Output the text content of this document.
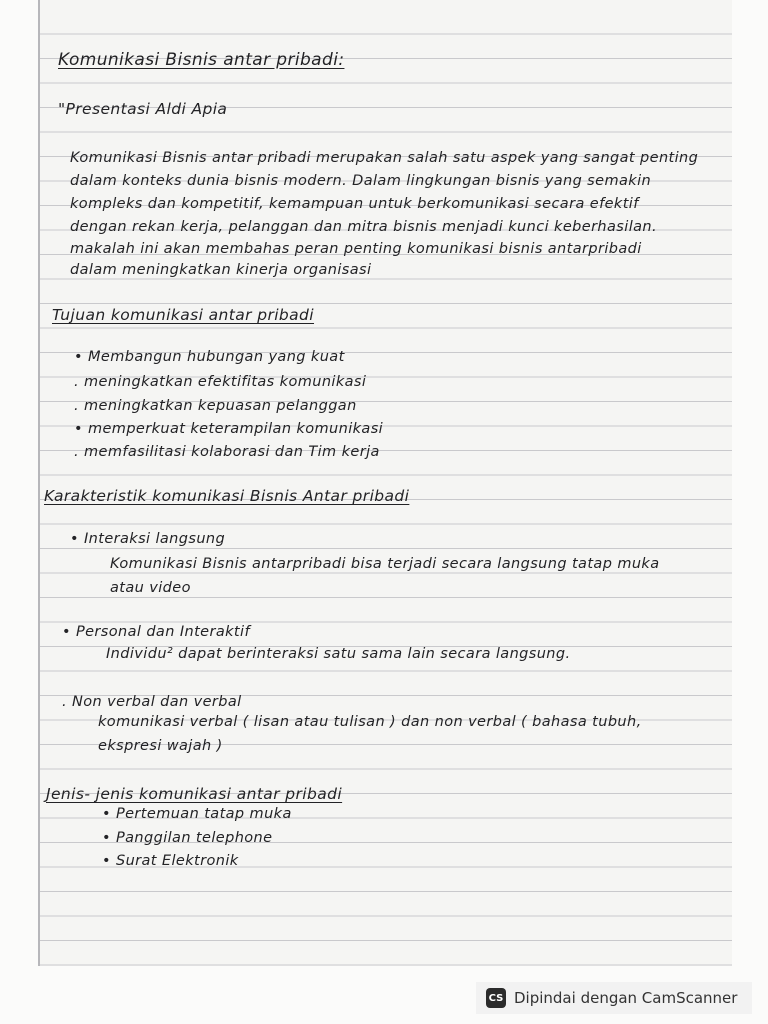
Komunikasi Bisnis antar pribadi:
"Presentasi Aldi Apia
Komunikasi Bisnis antar pribadi merupakan salah satu aspek yang sangat penting
dalam konteks dunia bisnis modern. Dalam lingkungan bisnis yang semakin
kompleks dan kompetitif, kemampuan untuk berkomunikasi secara efektif
dengan rekan kerja, pelanggan dan mitra bisnis menjadi kunci keberhasilan.
makalah ini akan membahas peran penting komunikasi bisnis antarpribadi
dalam meningkatkan kinerja organisasi
Tujuan komunikasi antar pribadi
• Membangun hubungan yang kuat
. meningkatkan efektifitas komunikasi
. meningkatkan kepuasan pelanggan
• memperkuat keterampilan komunikasi
. memfasilitasi kolaborasi dan Tim kerja
Karakteristik komunikasi Bisnis Antar pribadi
• Interaksi langsung
Komunikasi Bisnis antarpribadi bisa terjadi secara langsung tatap muka
atau video
• Personal dan Interaktif
Individu² dapat berinteraksi satu sama lain secara langsung.
. Non verbal dan verbal
komunikasi verbal ( lisan atau tulisan ) dan non verbal ( bahasa tubuh,
ekspresi wajah )
Jenis- jenis komunikasi antar pribadi
• Pertemuan tatap muka
• Panggilan telephone
• Surat Elektronik
CS Dipindai dengan CamScanner
